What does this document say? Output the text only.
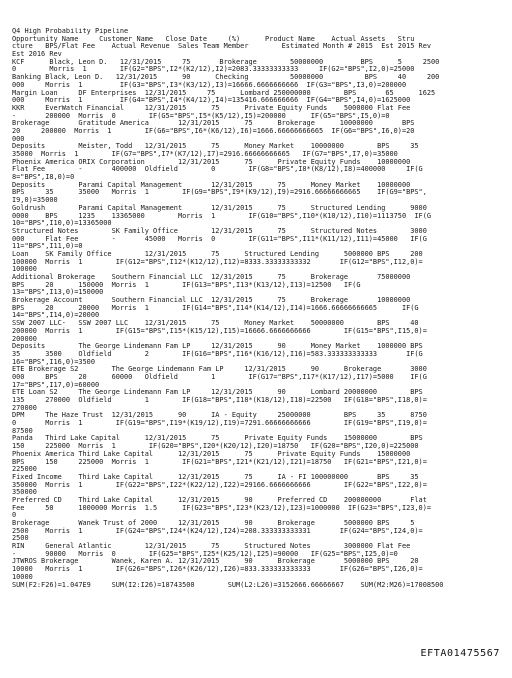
Q4 High Probability Pipeline
Opportunity Name     Customer Name   Close Date     (%)      Product Name    Actual Assets   Stru
cture   BPS/Flat Fee    Actual Revenue  Sales Team Member        Estimated Month # 2015  Est 2015 Rev
Est 2016 Rev
KCF      Black, Leon D.   12/31/2015     75       Brokerage        50000000         BPS      5     2500
0        Morris  1        IF(G2="BPS",I2*(K2/12),I2)=2083.33333333333     IF(G2="BPS",I2,0)=25000
Banking Black, Leon D.   12/31/2015      90      Checking          50000000          BPS     40     200
000     Morris  1         IF(G3="BPS",I3*(K3/12),I3)=16666.6666666666  IF(G3="BPS",I3,0)=200000
Margin Loan     DF Enterprises  12/31/2015     75      Lombard 250000000        BPS       65      1625
000     Morris  1         IF(G4="BPS",I4*(K4/12),I4)=135416.666666666  IF(G4="BPS",I4,0)=1625000
KKR     EverWatch Financial     12/31/2015      75      Private Equity Funds    5000000 Flat Fee
-       200000  Morris  0        IF(G5="BPS",I5*(K5/12),I5)=200000      IF(G5="BPS",I5,0)=0
Brokerage       Gratitude America       12/31/2015      75      Brokerage      10000000       BPS
20     200000  Morris  1        IF(G6="BPS",I6*(K6/12),I6)=1666.66666666665  IF(G6="BPS",I6,0)=20
000
Deposits        Meister, Todd   12/31/2015      75      Money Market    10000000        BPS     35
35000  Morris  1        IF(G7="BPS",I7*(K7/12),I7)=2916.66666666665   IF(G7="BPS",I7,0)=35000
Phoenix America ORIX Corporation        12/31/2015      75      Private Equity Funds    10000000
Flat Fee        -       400000  Oldfield        0        IF(G8="BPS",I8*(K8/12),I8)=400000     IF(G
8="BPS",I8,0)=0
Deposits        Parami Capital Management       12/31/2015      75      Money Market    10000000
BPS     35      35000   Morris  1        IF(G9="BPS",I9*(K9/12),I9)=2916.66666666665    IF(G9="BPS",
I9,0)=35000
Goldrush        Parami Capital Management       12/31/2015      75      Structured Lending      9000
0000    BPS     1235    13365000        Morris  1        IF(G10="BPS",I10*(K10/12),I10)=1113750  IF(G
10="BPS",I10,0)=13365000
Structured Notes        SK Family Office        12/31/2015      75      Structured Notes        3000
000     Flat Fee        -       45000   Morris  0        IF(G11="BPS",I11*(K11/12),I11)=45000   IF(G
11="BPS",I11,0)=0
Loan    SK Family Office        12/31/2015      75      Structured Lending      5000000 BPS     200
100000  Morris  1        IF(G12="BPS",I12*(K12/12),I12)=8333.33333333332       IF(G12="BPS",I12,0)=
100000
Additional Brokerage    Southern Financial LLC  12/31/2015      75      Brokerage       75000000
BPS     20      150000  Morris  1        IF(G13="BPS",I13*(K13/12),I13)=12500   IF(G
13="BPS",I13,0)=150000
Brokerage Account       Southern Financial LLC  12/31/2015      75      Brokerage       10000000
BPS     20      20000   Morris  1        IF(G14="BPS",I14*(K14/12),I14)=1666.66666666665      IF(G
14="BPS",I14,0)=20000
SSW 2007 LLC-   SSW 2007 LLC    12/31/2015      75      Money Market    50000000        BPS     40
200000  Morris  1        IF(G15="BPS",I15*(K15/12),I15)=16666.6666666666        IF(G15="BPS",I15,0)=
200000
Deposits        The George Lindemann Fam LP     12/31/2015      90      Money Market    1000000 BPS
35      3500    Oldfield        2        IF(G16="BPS",I16*(K16/12),I16)=583.333333333333       IF(G
16="BPS",I16,0)=3500
ETE Brokerage S2        The George Lindemann Fam LP     12/31/2015      90      Brokerage       3000
000     BPS     20      60000   Oldfield        1        IF(G17="BPS",I17*(K17/12),I17)=5000    IF(G
17="BPS",I17,0)=60000
ETE Loan S2     The George Lindemann Fam LP     12/31/2015      90      Lombard 20000000        BPS
135     270000  Oldfield        1        IF(G18="BPS",I18*(K18/12),I18)=22500   IF(G18="BPS",I18,0)=
270000
DPM     The Haze Trust  12/31/2015      90      IA - Equity     25000000        BPS     35      8750
0       Morris  1        IF(G19="BPS",I19*(K19/12),I19)=7291.66666666666        IF(G19="BPS",I19,0)=
87500
Panda   Third Lake Capital      12/31/2015      75      Private Equity Funds    15000000        BPS
150     225000  Morris  1        IF(G20="BPS",I20*(K20/12),I20)=18750   IF(G20="BPS",I20,0)=225000
Phoenix America Third Lake Capital      12/31/2015      75      Private Equity Funds    15000000
BPS     150     225000  Morris  1        IF(G21="BPS",I21*(K21/12),I21)=18750   IF(G21="BPS",I21,0)=
225000
Fixed Income    Third Lake Capital      12/31/2015      75      IA - FI 100000000       BPS     35
350000  Morris  1        IF(G22="BPS",I22*(K22/12),I22)=29166.6666666666        IF(G22="BPS",I22,0)=
350000
Preferred CD    Third Lake Capital      12/31/2015      90      Preferred CD    200000000       Flat
Fee     50      1000000 Morris  1.5      IF(G23="BPS",I23*(K23/12),I23)=1000000  IF(G23="BPS",I23,0)=
0
Brokerage       Wanek Trust of 2000     12/31/2015      90      Brokerage       5000000 BPS     5
2500    Morris  1        IF(G24="BPS",I24*(K24/12),I24)=208.333333333331       IF(G24="BPS",I24,0)=
2500
RIN     General Atlantic        12/31/2015      75      Structured Notes        3000000 Flat Fee
-       90000   Morris  0        IF(G25="BPS",I25*(K25/12),I25)=90000   IF(G25="BPS",I25,0)=0
JTWROS Brokerage        Wanek, Karen A. 12/31/2015      90      Brokerage       5000000 BPS     20
10000   Morris  1        IF(G26="BPS",I26*(K26/12),I26)=833.333333333333       IF(G26="BPS",I26,0)=
10000
SUM(F2:F26)=1.047E9     SUM(I2:I26)=18743500        SUM(L2:L26)=3152666.66666667    SUM(M2:M26)=17008500
EFTA01475567
